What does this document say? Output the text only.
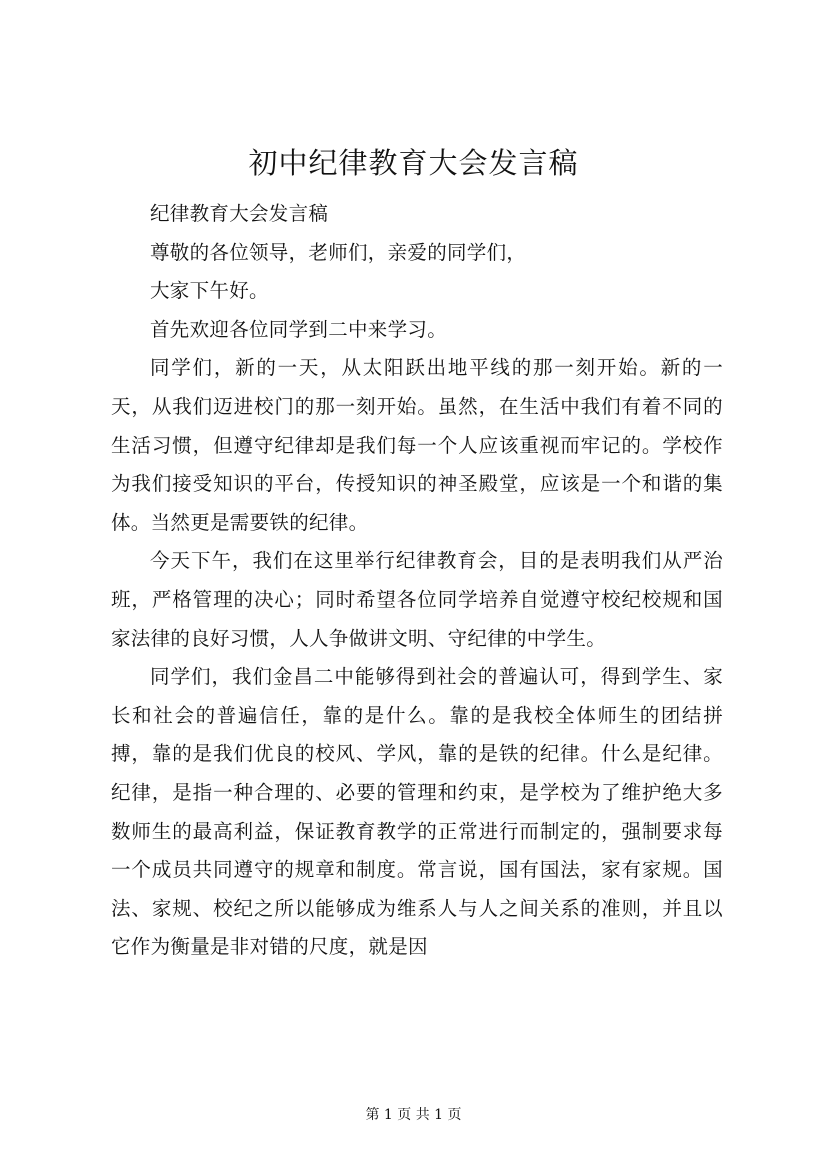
初中纪律教育大会发言稿

纪律教育大会发言稿

尊敬的各位领导，老师们，亲爱的同学们，

大家下午好。

首先欢迎各位同学到二中来学习。

同学们，新的一天，从太阳跃出地平线的那一刻开始。新的一天，从我们迈进校门的那一刻开始。虽然，在生活中我们有着不同的生活习惯，但遵守纪律却是我们每一个人应该重视而牢记的。学校作为我们接受知识的平台，传授知识的神圣殿堂，应该是一个和谐的集体。当然更是需要铁的纪律。

今天下午，我们在这里举行纪律教育会，目的是表明我们从严治班，严格管理的决心；同时希望各位同学培养自觉遵守校纪校规和国家法律的良好习惯，人人争做讲文明、守纪律的中学生。

同学们，我们金昌二中能够得到社会的普遍认可，得到学生、家长和社会的普遍信任，靠的是什么。靠的是我校全体师生的团结拼搏，靠的是我们优良的校风、学风，靠的是铁的纪律。什么是纪律。纪律，是指一种合理的、必要的管理和约束，是学校为了维护绝大多数师生的最高利益，保证教育教学的正常进行而制定的，强制要求每一个成员共同遵守的规章和制度。常言说，国有国法，家有家规。国法、家规、校纪之所以能够成为维系人与人之间关系的准则，并且以它作为衡量是非对错的尺度，就是因

第 1 页 共 1 页
